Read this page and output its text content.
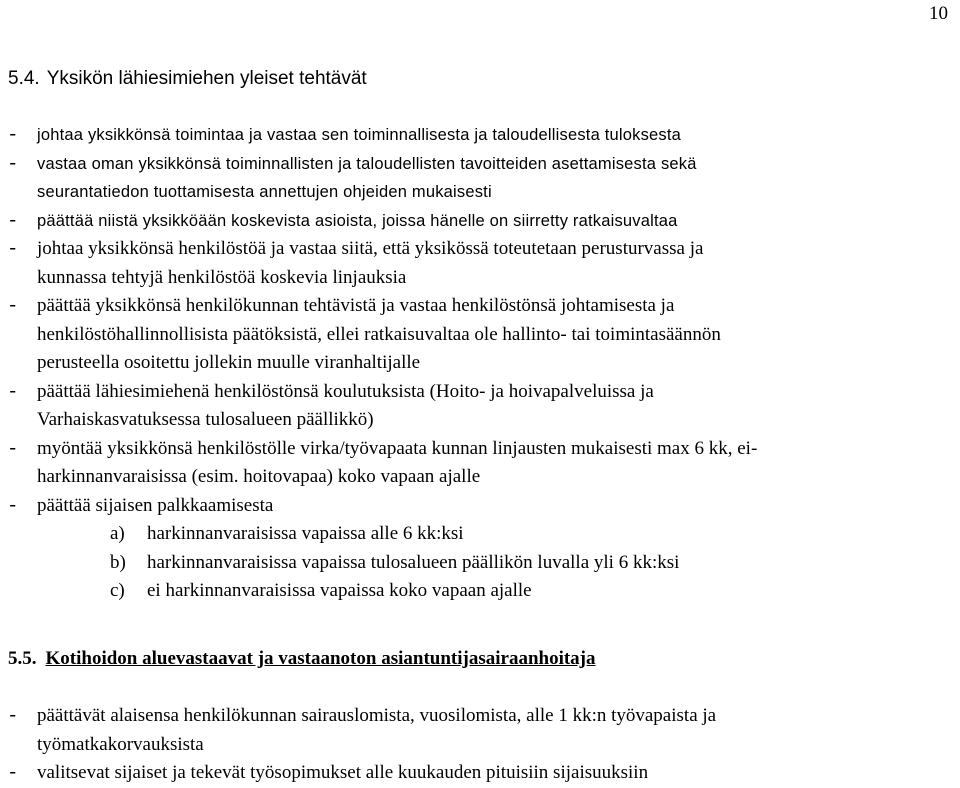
10
5.4. Yksikön lähiesimiehen yleiset tehtävät
- johtaa yksikkönsä toimintaa ja vastaa sen toiminnallisesta ja taloudellisesta tuloksesta
- vastaa oman yksikkönsä toiminnallisten ja taloudellisten tavoitteiden asettamisesta sekä
seurantatiedon tuottamisesta annettujen ohjeiden mukaisesti
- päättää niistä yksikköään koskevista asioista, joissa hänelle on siirretty ratkaisuvaltaa
- johtaa yksikkönsä henkilöstöä ja vastaa siitä, että yksikössä toteutetaan perusturvassa ja
kunnassa tehtyjä henkilöstöä koskevia linjauksia
- päättää yksikkönsä henkilökunnan tehtävistä ja vastaa henkilöstönsä johtamisesta ja
henkilöstöhallinnollisista päätöksistä, ellei ratkaisuvaltaa ole hallinto- tai toimintasäännön
perusteella osoitettu jollekin muulle viranhaltijalle
- päättää lähiesimiehenä henkilöstönsä koulutuksista (Hoito- ja hoivapalveluissa ja
Varhaiskasvatuksessa tulosalueen päällikkö)
- myöntää yksikkönsä henkilöstölle virka/työvapaata kunnan linjausten mukaisesti max 6 kk, ei-
harkinnanvaraisissa (esim. hoitovapaa) koko vapaan ajalle
- päättää sijaisen palkkaamisesta
a) harkinnanvaraisissa vapaissa alle 6 kk:ksi
b) harkinnanvaraisissa vapaissa tulosalueen päällikön luvalla yli 6 kk:ksi
c) ei harkinnanvaraisissa vapaissa koko vapaan ajalle
5.5. Kotihoidon aluevastaavat ja vastaanoton asiantuntijasairaanhoitaja
- päättävät alaisensa henkilökunnan sairauslomista, vuosilomista, alle 1 kk:n työvapaista ja
työmatkakorvauksista
- valitsevat sijaiset ja tekevät työsopimukset alle kuukauden pituisiin sijaisuuksiin
